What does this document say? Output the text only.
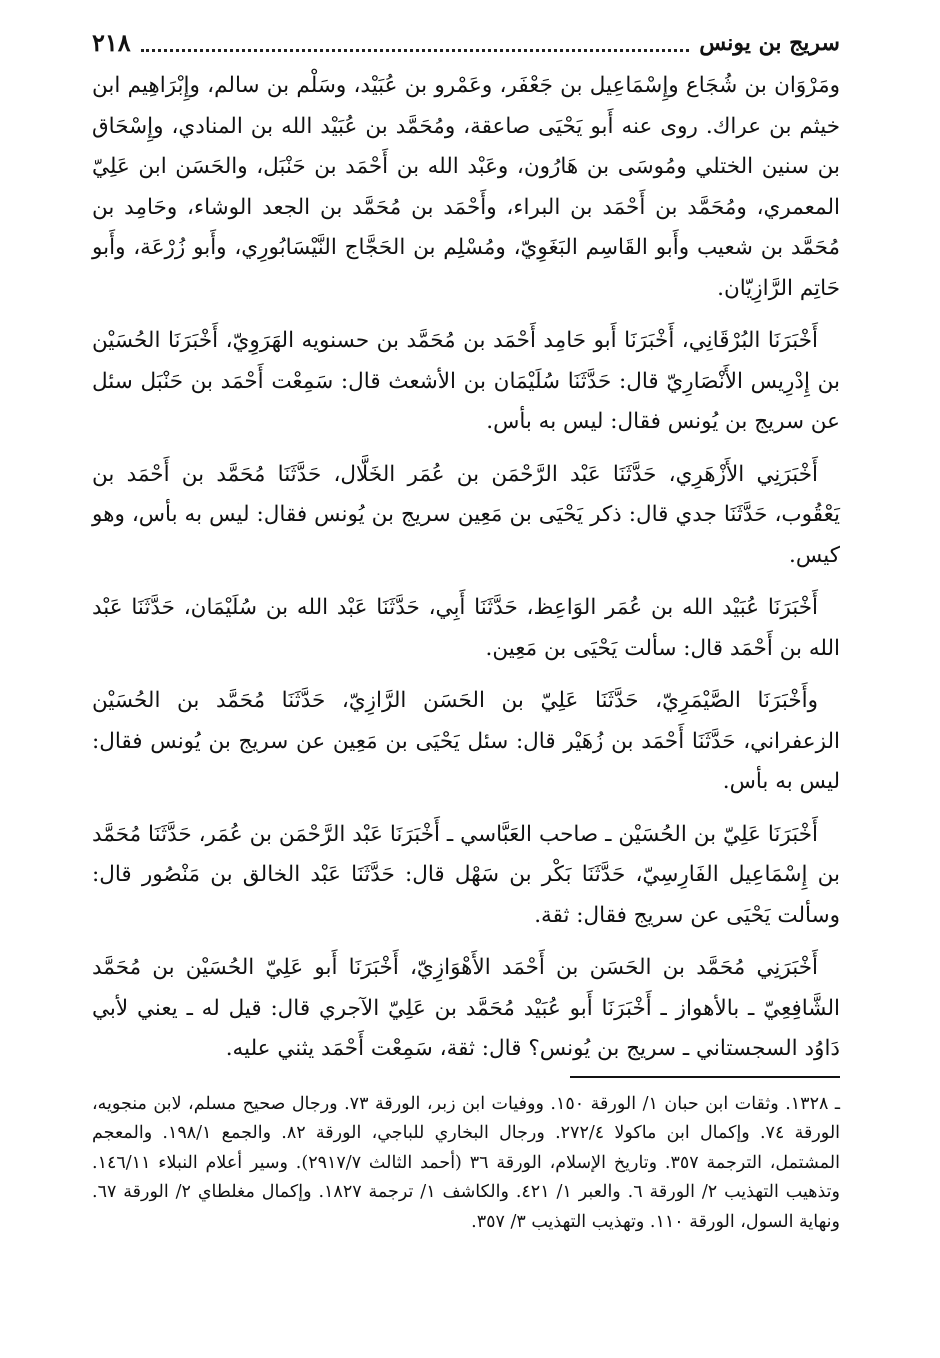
سريج بن يونس
٢١٨

ومَرْوَان بن شُجَاع وإِسْمَاعِيل بن جَعْفَر، وعَمْرو بن عُبَيْد، وسَلْم بن سالم، وإِبْرَاهِيم ابن خيثم بن عراك. روى عنه أَبو يَحْيَى صاعقة، ومُحَمَّد بن عُبَيْد الله بن المنادي، وإِسْحَاق بن سنين الختلي ومُوسَى بن هَارُون، وعَبْد الله بن أَحْمَد بن حَنْبَل، والحَسَن ابن عَلِيّ المعمري، ومُحَمَّد بن أَحْمَد بن البراء، وأَحْمَد بن مُحَمَّد بن الجعد الوشاء، وحَامِد بن مُحَمَّد بن شعيب وأَبو القَاسِم البَغَوِيّ، ومُسْلِم بن الحَجَّاج النَّيْسَابُورِي، وأَبو زُرْعَة، وأَبو حَاتِم الرَّازِيّان.

أَخْبَرَنَا البُرْقَانِي، أَخْبَرَنَا أَبو حَامِد أَحْمَد بن مُحَمَّد بن حسنويه الهَرَوِيّ، أَخْبَرَنَا الحُسَيْن بن إِدْرِيس الأَنْصَارِيّ قال: حَدَّثَنَا سُلَيْمَان بن الأشعث قال: سَمِعْت أَحْمَد بن حَنْبَل سئل عن سريج بن يُونس فقال: ليس به بأس.

أَخْبَرَنِي الأَزْهَرِي، حَدَّثَنَا عَبْد الرَّحْمَن بن عُمَر الخَلَّال، حَدَّثَنَا مُحَمَّد بن أَحْمَد بن يَعْقُوب، حَدَّثَنَا جدي قال: ذكر يَحْيَى بن مَعِين سريج بن يُونس فقال: ليس به بأس، وهو كيس.

أَخْبَرَنَا عُبَيْد الله بن عُمَر الوَاعِظ، حَدَّثَنَا أَبِي، حَدَّثَنَا عَبْد الله بن سُلَيْمَان، حَدَّثَنَا عَبْد الله بن أَحْمَد قال: سألت يَحْيَى بن مَعِين.

وأَخْبَرَنَا الصَّيْمَرِيّ، حَدَّثَنَا عَلِيّ بن الحَسَن الرَّازِيّ، حَدَّثَنَا مُحَمَّد بن الحُسَيْن الزعفراني، حَدَّثَنَا أَحْمَد بن زُهَيْر قال: سئل يَحْيَى بن مَعِين عن سريج بن يُونس فقال: ليس به بأس.

أَخْبَرَنَا عَلِيّ بن الحُسَيْن ـ صاحب العَبَّاسي ـ أَخْبَرَنَا عَبْد الرَّحْمَن بن عُمَر، حَدَّثَنَا مُحَمَّد بن إِسْمَاعِيل الفَارِسِيّ، حَدَّثَنَا بَكْر بن سَهْل قال: حَدَّثَنَا عَبْد الخالق بن مَنْصُور قال: وسألت يَحْيَى عن سريج فقال: ثقة.

أَخْبَرَنِي مُحَمَّد بن الحَسَن بن أَحْمَد الأَهْوَازِيّ، أَخْبَرَنَا أَبو عَلِيّ الحُسَيْن بن مُحَمَّد الشَّافِعِيّ ـ بالأهواز ـ أَخْبَرَنَا أَبو عُبَيْد مُحَمَّد بن عَلِيّ الآجري قال: قيل له ـ يعني لأبي دَاوُد السجستاني ـ سريج بن يُونس؟ قال: ثقة، سَمِعْت أَحْمَد يثني عليه.

ـ ١٣٢٨. وثقات ابن حبان ١/ الورقة ١٥٠. ووفيات ابن زبر، الورقة ٧٣. ورجال صحيح مسلم، لابن منجويه، الورقة ٧٤. وإكمال ابن ماكولا ٢٧٢/٤. ورجال البخاري للباجي، الورقة ٨٢. والجمع ١٩٨/١. والمعجم المشتمل، الترجمة ٣٥٧. وتاريخ الإسلام، الورقة ٣٦ (أحمد الثالث ٢٩١٧/٧). وسير أعلام النبلاء ١٤٦/١١. وتذهيب التهذيب ٢/ الورقة ٦. والعبر ١/ ٤٢١. والكاشف ١/ ترجمة ١٨٢٧. وإكمال مغلطاي ٢/ الورقة ٦٧. ونهاية السول، الورقة ١١٠. وتهذيب التهذيب ٣/ ٣٥٧.
